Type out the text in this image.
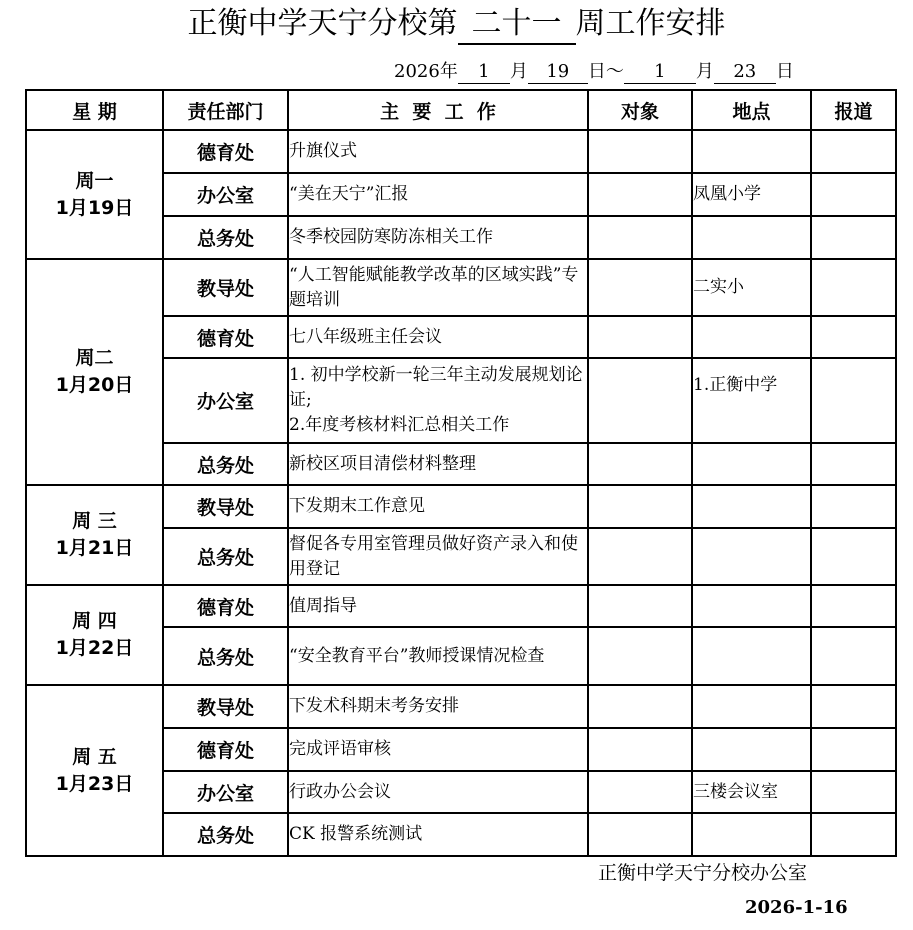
正衡中学天宁分校第 二十一 周工作安排
2026年 1 月 19 日～ 1 月 23 日
星 期	责任部门	主  要  工  作	对象	地点	报道

周一
1月19日	德育处	升旗仪式			
	办公室	“美在天宁”汇报		凤凰小学	
	总务处	冬季校园防寒防冻相关工作			

周二
1月20日	教导处	“人工智能赋能教学改革的区域实践”专题培训		二实小	
	德育处	七八年级班主任会议			
	办公室	1. 初中学校新一轮三年主动发展规划论证;
2.年度考核材料汇总相关工作		1.正衡中学	
	总务处	新校区项目清偿材料整理			

周 三
1月21日	教导处	下发期末工作意见			
	总务处	督促各专用室管理员做好资产录入和使用登记			

周 四
1月22日	德育处	值周指导			
	总务处	“安全教育平台”教师授课情况检查			

周 五
1月23日	教导处	下发术科期末考务安排			
	德育处	完成评语审核			
	办公室	行政办公会议		三楼会议室	
	总务处	CK 报警系统测试			
正衡中学天宁分校办公室
2026-1-16
